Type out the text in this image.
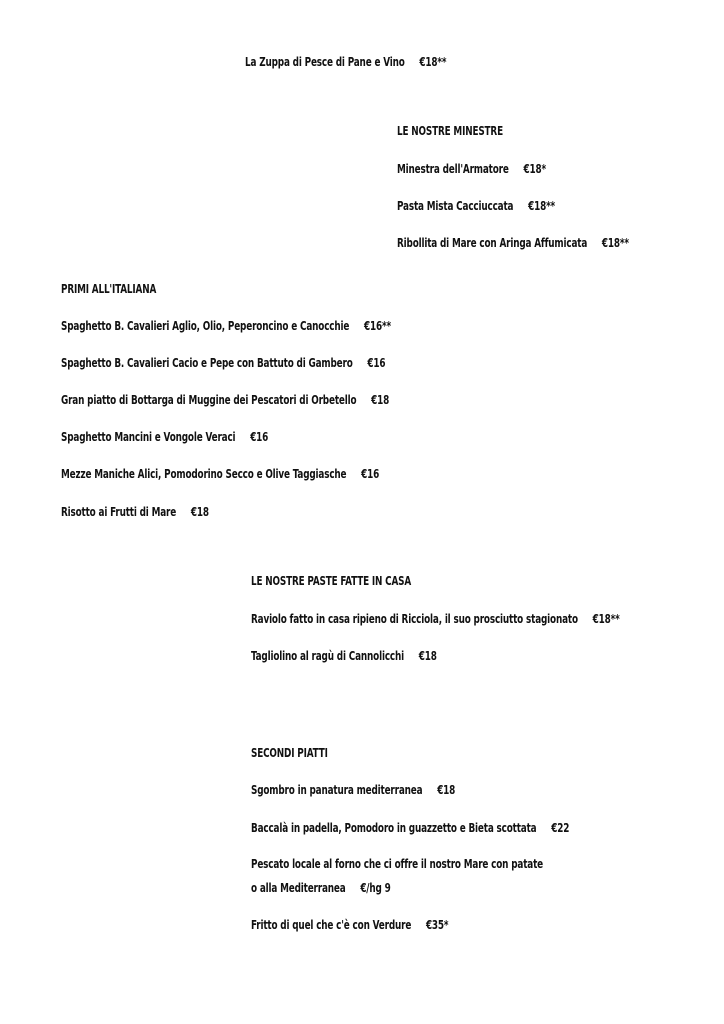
La Zuppa di Pesce di Pane e Vino €18**
LE NOSTRE MINESTRE
Minestra dell'Armatore €18*
Pasta Mista Cacciuccata €18**
Ribollita di Mare con Aringa Affumicata €18**
PRIMI ALL'ITALIANA
Spaghetto B. Cavalieri Aglio, Olio, Peperoncino e Canocchie €16**
Spaghetto B. Cavalieri Cacio e Pepe con Battuto di Gambero €16
Gran piatto di Bottarga di Muggine dei Pescatori di Orbetello €18
Spaghetto Mancini e Vongole Veraci €16
Mezze Maniche Alici, Pomodorino Secco e Olive Taggiasche €16
Risotto ai Frutti di Mare €18
LE NOSTRE PASTE FATTE IN CASA
Raviolo fatto in casa ripieno di Ricciola, il suo prosciutto stagionato €18**
Tagliolino al ragù di Cannolicchi €18
SECONDI PIATTI
Sgombro in panatura mediterranea €18
Baccalà in padella, Pomodoro in guazzetto e Bieta scottata €22
Pescato locale al forno che ci offre il nostro Mare con patate
o alla Mediterranea €/hg 9
Fritto di quel che c'è con Verdure €35*
